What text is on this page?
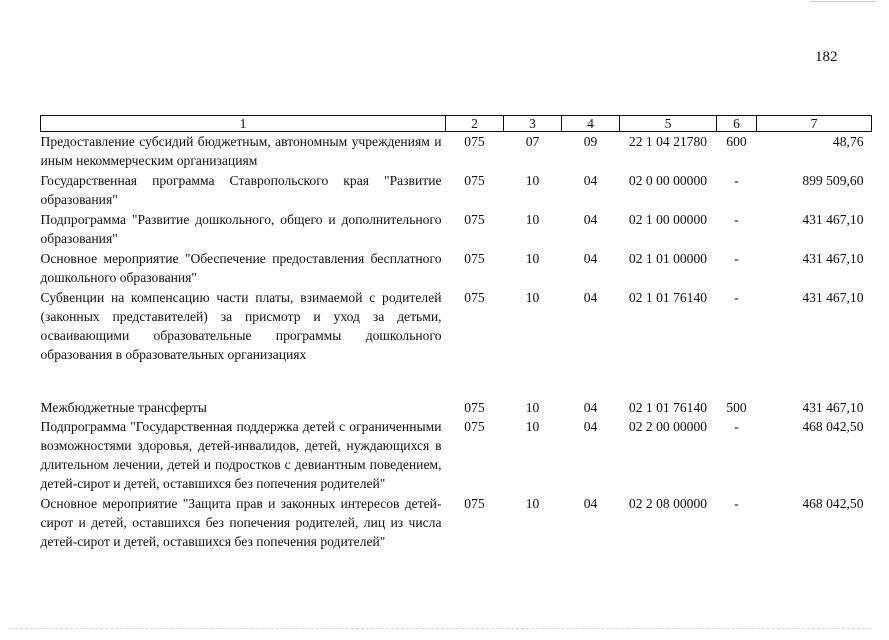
182
1	2	3	4	5	6	7
Предоставление субсидий бюджетным, автономным учреждениям и иным некоммерческим организациям	075	07	09	22 1 04 21780	600	48,76
Государственная программа Ставропольского края "Развитие образования"	075	10	04	02 0 00 00000	-	899 509,60
Подпрограмма "Развитие дошкольного, общего и дополнительного образования"	075	10	04	02 1 00 00000	-	431 467,10
Основное мероприятие "Обеспечение предоставления бесплатного дошкольного образования"	075	10	04	02 1 01 00000	-	431 467,10
Субвенции на компенсацию части платы, взимаемой с родителей (законных представителей) за присмотр и уход за детьми, осваивающими образовательные программы дошкольного образования в образовательных организациях	075	10	04	02 1 01 76140	-	431 467,10

Межбюджетные трансферты	075	10	04	02 1 01 76140	500	431 467,10
Подпрограмма "Государственная поддержка детей с ограниченными возможностями здоровья, детей-инвалидов, детей, нуждающихся в длительном лечении, детей и подростков с девиантным поведением, детей-сирот и детей, оставшихся без попечения родителей"	075	10	04	02 2 00 00000	-	468 042,50
Основное мероприятие "Защита прав и законных интересов детей-сирот и детей, оставшихся без попечения родителей, лиц из числа детей-сирот и детей, оставшихся без попечения родителей"	075	10	04	02 2 08 00000	-	468 042,50
